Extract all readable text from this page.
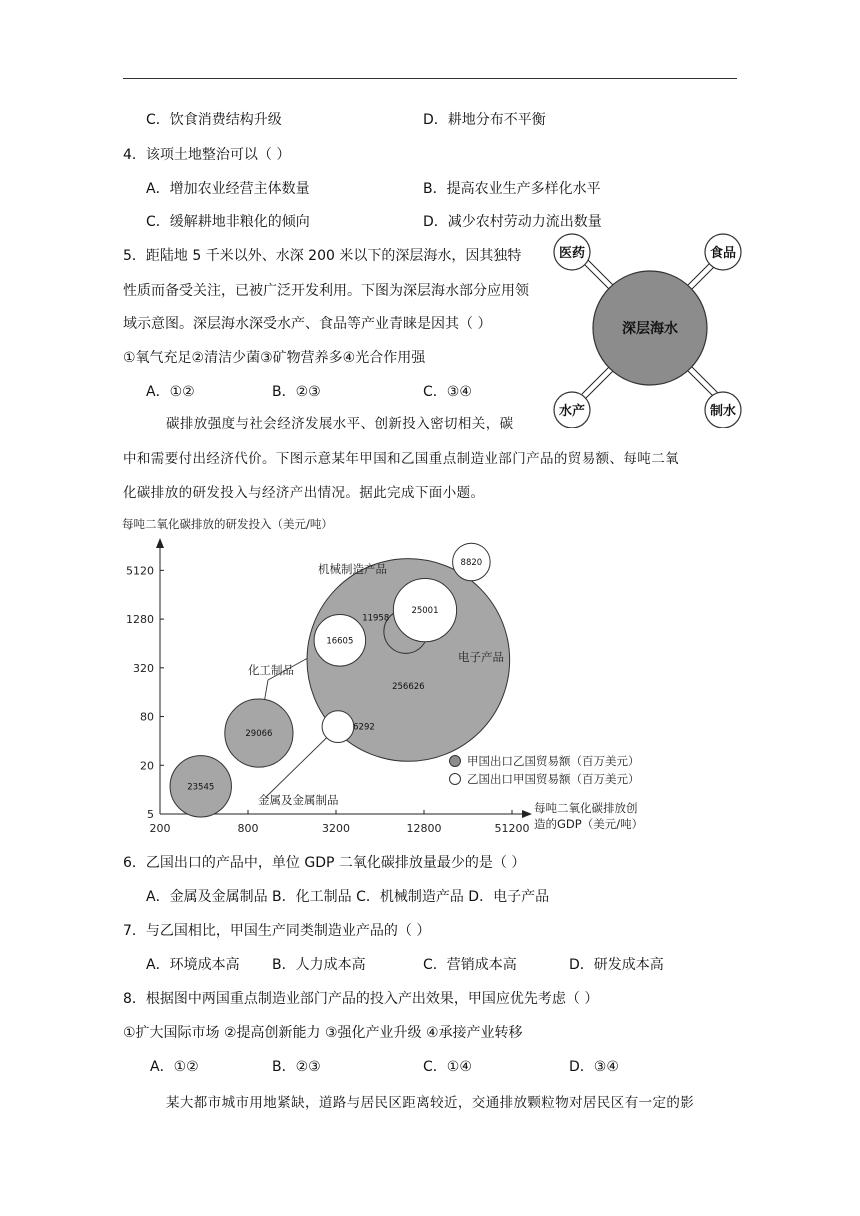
C．饮食消费结构升级	D．耕地分布不平衡
4．该项土地整治可以（ ）
A．增加农业经营主体数量	B．提高农业生产多样化水平
C．缓解耕地非粮化的倾向	D．减少农村劳动力流出数量
5．距陆地 5 千米以外、水深 200 米以下的深层海水，因其独特
性质而备受关注，已被广泛开发利用。下图为深层海水部分应用领
域示意图。深层海水深受水产、食品等产业青睐是因其（ ）
①氧气充足②清洁少菌③矿物营养多④光合作用强
A．①②	B．②③	C．③④
深层海水
医药	食品
水产	制水
碳排放强度与社会经济发展水平、创新投入密切相关，碳
中和需要付出经济代价。下图示意某年甲国和乙国重点制造业部门产品的贸易额、每吨二氧
化碳排放的研发投入与经济产出情况。据此完成下面小题。
每吨二氧化碳排放的研发投入（美元/吨）
200	800	3200	12800	51200
5
20
80
320
1280
5120
每吨二氧化碳排放创
造的GDP（美元/吨）
23545
29066
256626
11958
6292
16605
25001
8820
金属及金属制品
化工制品
机械制造产品
电子产品
甲国出口乙国贸易额（百万美元）
乙国出口甲国贸易额（百万美元）
6．乙国出口的产品中，单位 GDP 二氧化碳排放量最少的是（ ）
A．金属及金属制品 B．化工制品 C．机械制造产品 D．电子产品
7．与乙国相比，甲国生产同类制造业产品的（ ）
A．环境成本高 B．人力成本高	C．营销成本高	D．研发成本高
8．根据图中两国重点制造业部门产品的投入产出效果，甲国应优先考虑（ ）
①扩大国际市场 ②提高创新能力 ③强化产业升级 ④承接产业转移
A．①②	B．②③	C．①④	D．③④
某大都市城市用地紧缺，道路与居民区距离较近，交通排放颗粒物对居民区有一定的影
